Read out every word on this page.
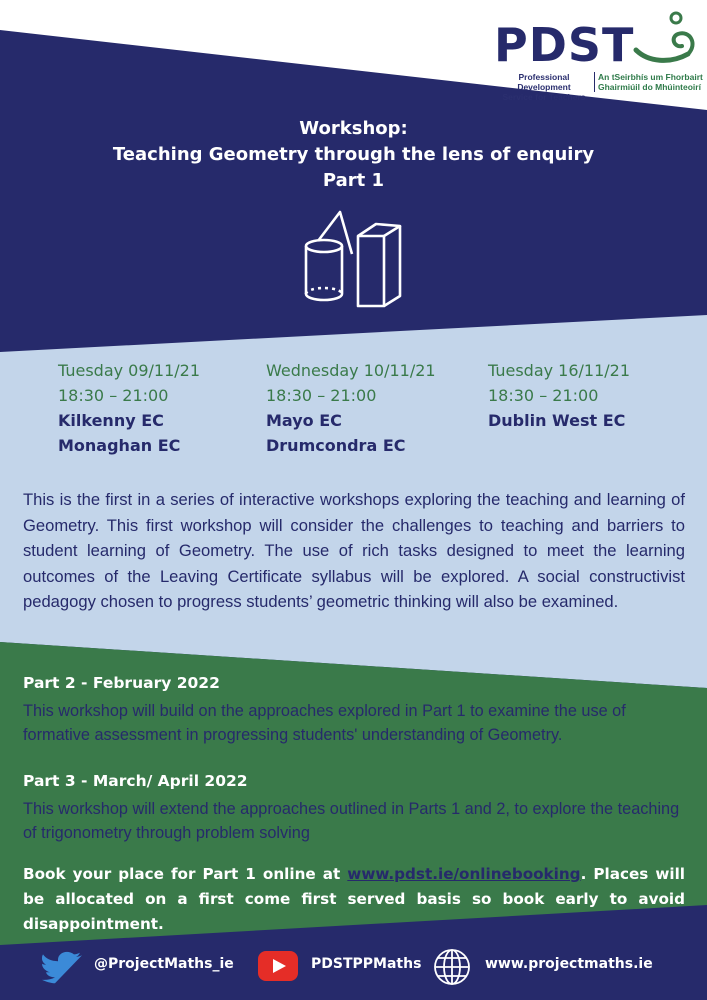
PDST
Professional Development
Service for Teachers
An tSeirbhís um Fhorbairt
Ghairmiúil do Mhúinteoirí
Workshop:
Teaching Geometry through the lens of enquiry
Part 1
Tuesday 09/11/21
18:30 – 21:00
Kilkenny EC
Monaghan EC
Wednesday 10/11/21
18:30 – 21:00
Mayo EC
Drumcondra EC
Tuesday 16/11/21
18:30 – 21:00
Dublin West EC
This is the first in a series of interactive workshops exploring the teaching and learning of Geometry. This first workshop will consider the challenges to teaching and barriers to student learning of Geometry. The use of rich tasks designed to meet the learning outcomes of the Leaving Certificate syllabus will be explored. A social constructivist pedagogy chosen to progress students’ geometric thinking will also be examined.
Part 2 - February 2022
This workshop will build on the approaches explored in Part 1 to examine the use of formative assessment in progressing students' understanding of Geometry.
Part 3 - March/ April 2022
This workshop will extend the approaches outlined in Parts 1 and 2, to explore the teaching of trigonometry through problem solving
Book your place for Part 1 online at www.pdst.ie/onlinebooking. Places will be allocated on a first come first served basis so book early to avoid disappointment.
@ProjectMaths_ie	PDSTPPMaths	www.projectmaths.ie
